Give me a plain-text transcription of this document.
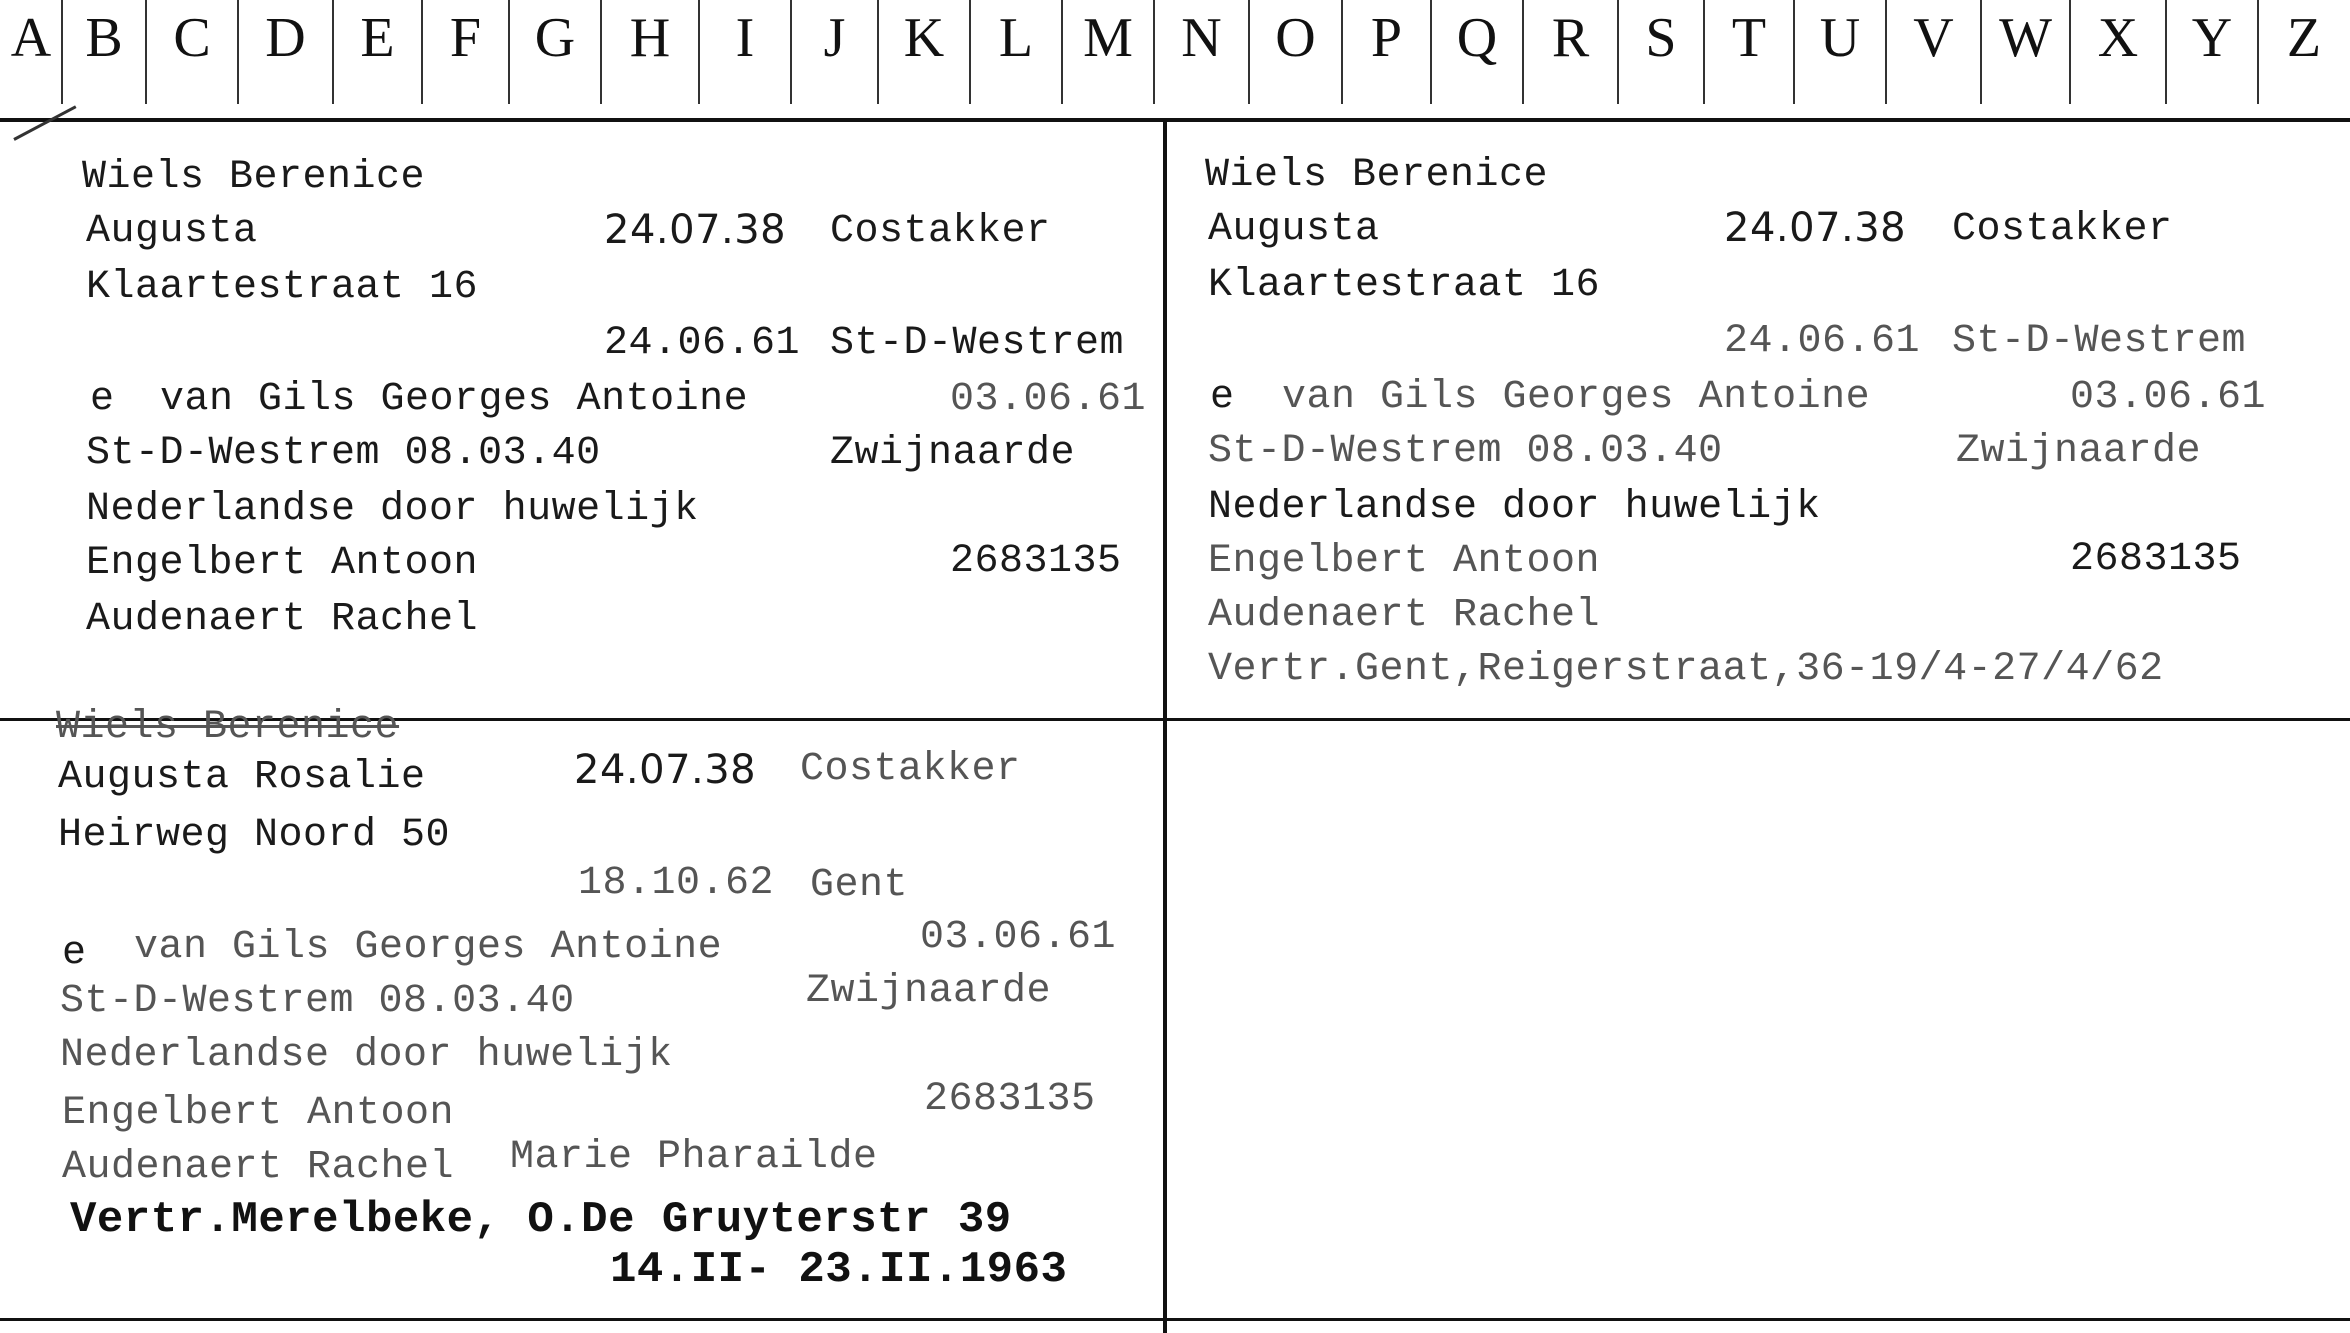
A B C D E F G H	I	J	K L M N O P Q R	S T U V W X Y Z
Wiels Berenice
Augusta	24.07.38 Costakker
Klaartestraat 16
24.06.61 St-D-Westrem
e van Gils Georges Antoine	03.06.61
St-D-Westrem 08.03.40	Zwijnaarde
Nederlandse door huwelijk
Engelbert Antoon	2683135
Audenaert Rachel
Wiels Berenice
Augusta	24.07.38 Costakker
Klaartestraat 16
24.06.61 St-D-Westrem
e van Gils Georges Antoine	03.06.61
St-D-Westrem 08.03.40	Zwijnaarde
Nederlandse door huwelijk
Engelbert Antoon	2683135
Audenaert Rachel
Vertr.Gent,Reigerstraat,36-19/4-27/4/62
Wiels Berenice
Augusta Rosalie	24.07.38 Costakker
Heirweg Noord 50
18.10.62 Gent
e van Gils Georges Antoine	03.06.61
St-D-Westrem 08.03.40	Zwijnaarde
Nederlandse door huwelijk
Engelbert Antoon	2683135
Audenaert Rachel Marie Pharailde
Vertr.Merelbeke, O.De Gruyterstr 39
14.II- 23.II.1963
